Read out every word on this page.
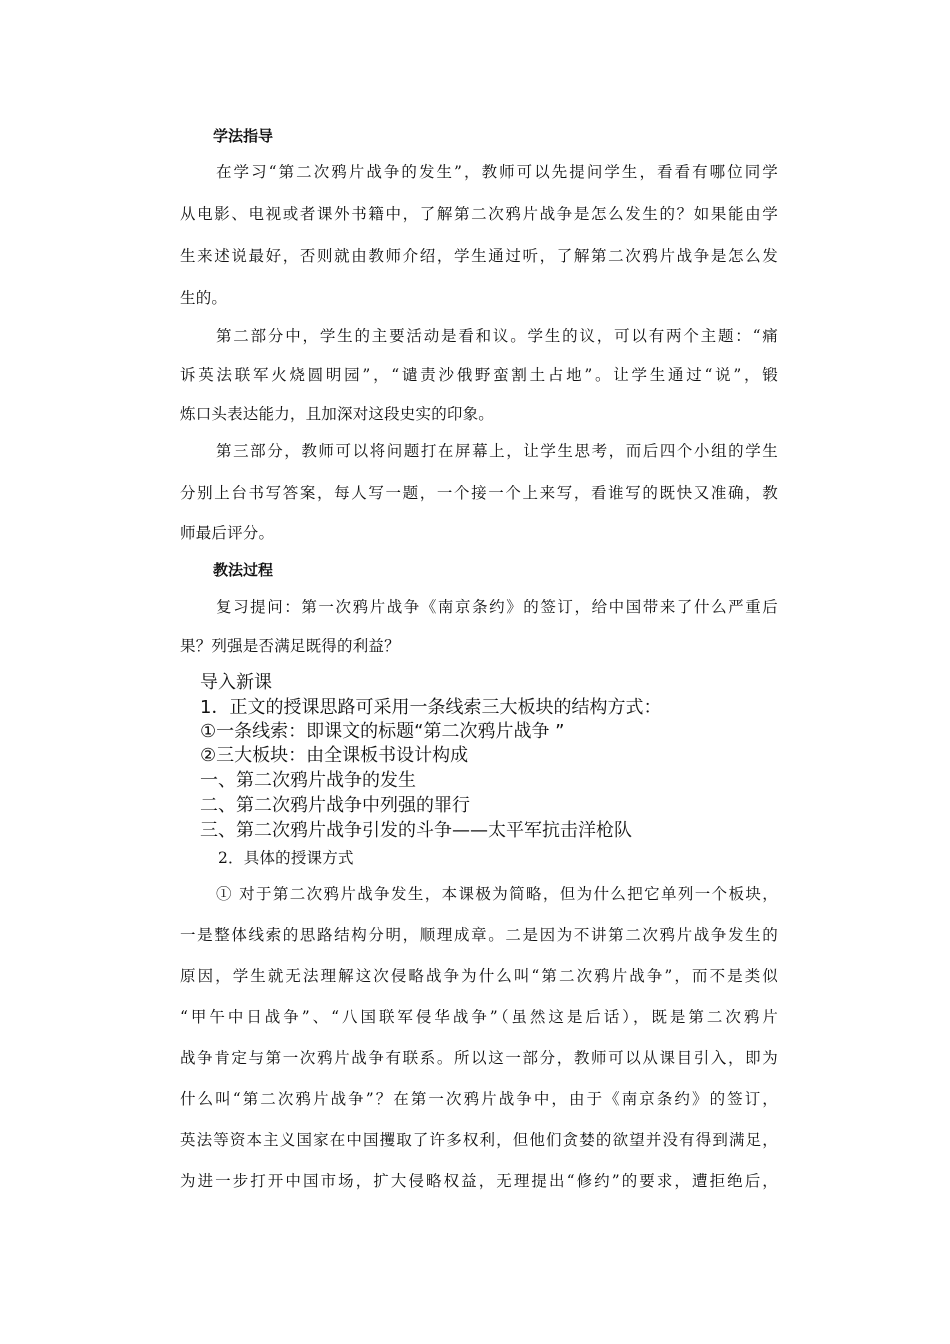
学法指导
在学习“第二次鸦片战争的发生”，教师可以先提问学生，看看有哪位同学
从电影、电视或者课外书籍中，了解第二次鸦片战争是怎么发生的？如果能由学
生来述说最好，否则就由教师介绍，学生通过听，了解第二次鸦片战争是怎么发
生的。
第二部分中，学生的主要活动是看和议。学生的议，可以有两个主题：“痛
诉英法联军火烧圆明园”，“谴责沙俄野蛮割土占地”。让学生通过“说”，锻
炼口头表达能力，且加深对这段史实的印象。
第三部分，教师可以将问题打在屏幕上，让学生思考，而后四个小组的学生
分别上台书写答案，每人写一题，一个接一个上来写，看谁写的既快又准确，教
师最后评分。
教法过程
复习提问：第一次鸦片战争《南京条约》的签订，给中国带来了什么严重后
果？列强是否满足既得的利益？
导入新课
1．正文的授课思路可采用一条线索三大板块的结构方式：
①一条线索：即课文的标题“第二次鸦片战争 ”
②三大板块：由全课板书设计构成
一、第二次鸦片战争的发生
二、第二次鸦片战争中列强的罪行
三、第二次鸦片战争引发的斗争——太平军抗击洋枪队
2．具体的授课方式
① 对于第二次鸦片战争发生，本课极为简略，但为什么把它单列一个板块，
一是整体线索的思路结构分明，顺理成章。二是因为不讲第二次鸦片战争发生的
原因，学生就无法理解这次侵略战争为什么叫“第二次鸦片战争”，而不是类似
“甲午中日战争”、“八国联军侵华战争”（虽然这是后话），既是第二次鸦片
战争肯定与第一次鸦片战争有联系。所以这一部分，教师可以从课目引入，即为
什么叫“第二次鸦片战争”？在第一次鸦片战争中，由于《南京条约》的签订，
英法等资本主义国家在中国攫取了许多权利，但他们贪婪的欲望并没有得到满足，
为进一步打开中国市场，扩大侵略权益，无理提出“修约”的要求，遭拒绝后，
